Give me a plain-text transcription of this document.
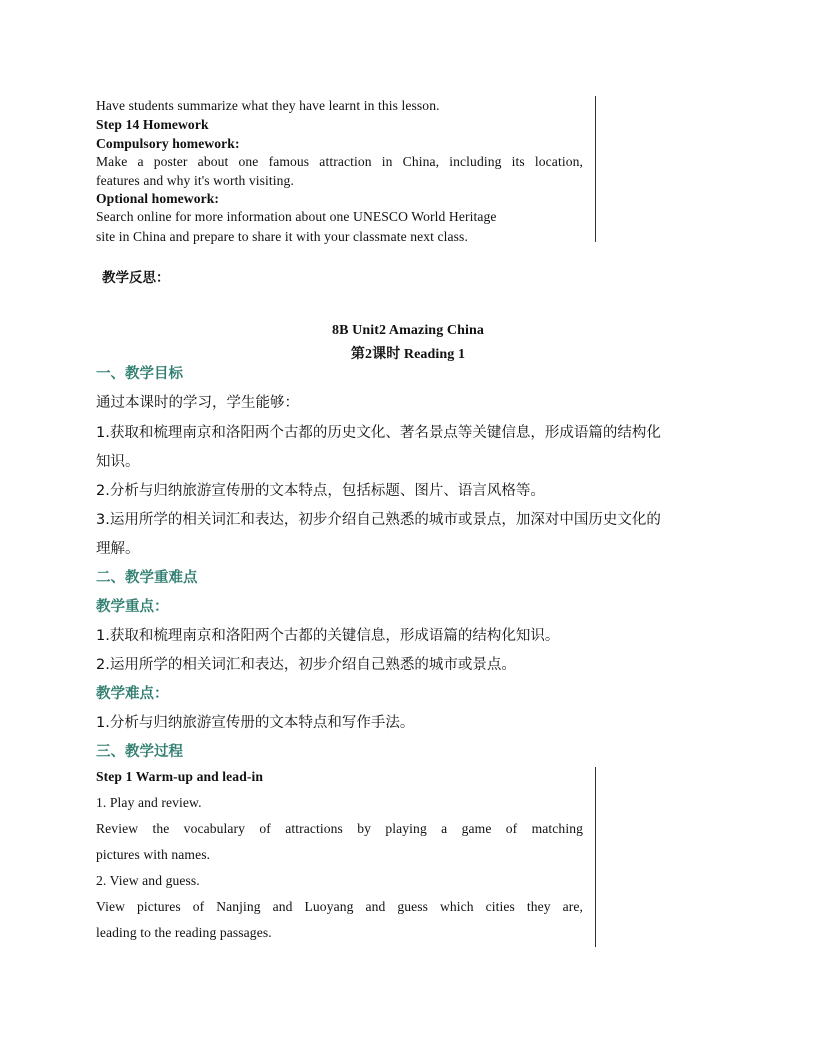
Have students summarize what they have learnt in this lesson.
Step 14 Homework
Compulsory homework:
Make a poster about one famous attraction in China, including its location,
features and why it's worth visiting.
Optional homework:
Search online for more information about one UNESCO World Heritage
site in China and prepare to share it with your classmate next class.
教学反思：
8B Unit2 Amazing China
第2课时 Reading 1
一、教学目标
通过本课时的学习，学生能够：
1.获取和梳理南京和洛阳两个古都的历史文化、著名景点等关键信息，形成语篇的结构化
知识。
2.分析与归纳旅游宣传册的文本特点，包括标题、图片、语言风格等。
3.运用所学的相关词汇和表达，初步介绍自己熟悉的城市或景点，加深对中国历史文化的
理解。
二、教学重难点
教学重点：
1.获取和梳理南京和洛阳两个古都的关键信息，形成语篇的结构化知识。
2.运用所学的相关词汇和表达，初步介绍自己熟悉的城市或景点。
教学难点：
1.分析与归纳旅游宣传册的文本特点和写作手法。
三、教学过程
Step 1 Warm-up and lead-in
1. Play and review.
Review the vocabulary of attractions by playing a game of matching
pictures with names.
2. View and guess.
View pictures of Nanjing and Luoyang and guess which cities they are,
leading to the reading passages.
